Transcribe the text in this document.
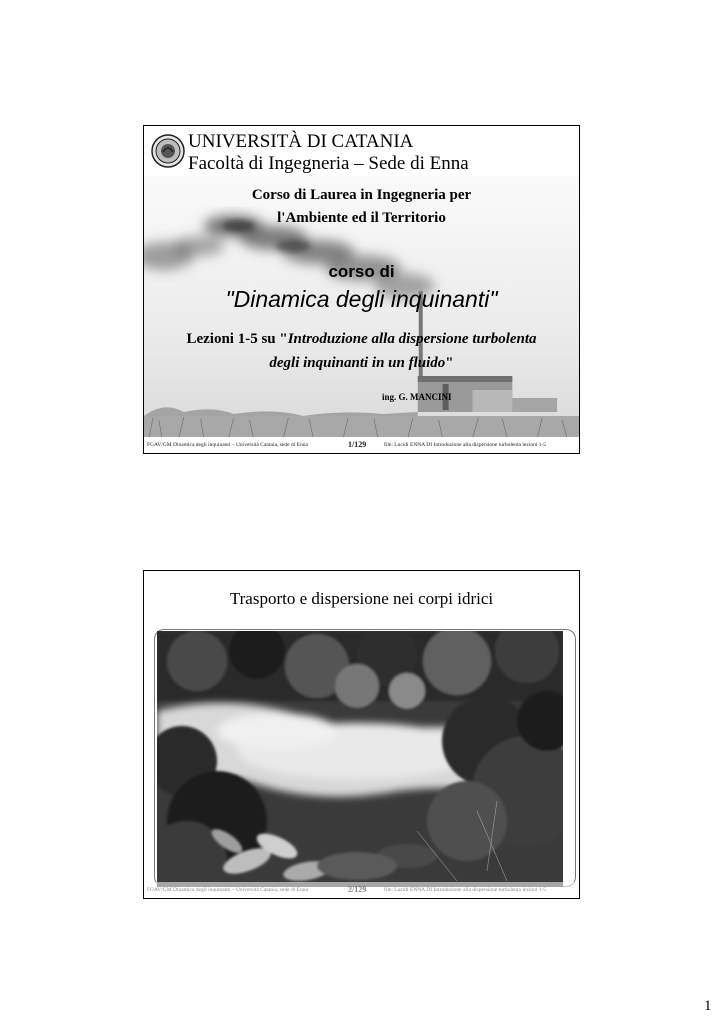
UNIVERSITÀ DI CATANIA
Facoltà di Ingegneria – Sede di Enna
Corso di Laurea in Ingegneria per
l'Ambiente ed il Territorio
corso di
"Dinamica degli inquinanti"
Lezioni 1-5 su "Introduzione alla dispersione turbolenta
degli inquinanti in un fluido"
ing. G. MANCINI
FGAV/GM Dinamica degli inquinanti – Università Catania, sede di Enna	1/129	file: Lucidi ENNA DI Introduzione alla dispersione turbolenta lezioni 1-5
Trasporto e dispersione nei corpi idrici
FGAV/GM Dinamica degli inquinanti – Università Catania, sede di Enna	2/129	file: Lucidi ENNA DI Introduzione alla dispersione turbolenta lezioni 1-5
1
